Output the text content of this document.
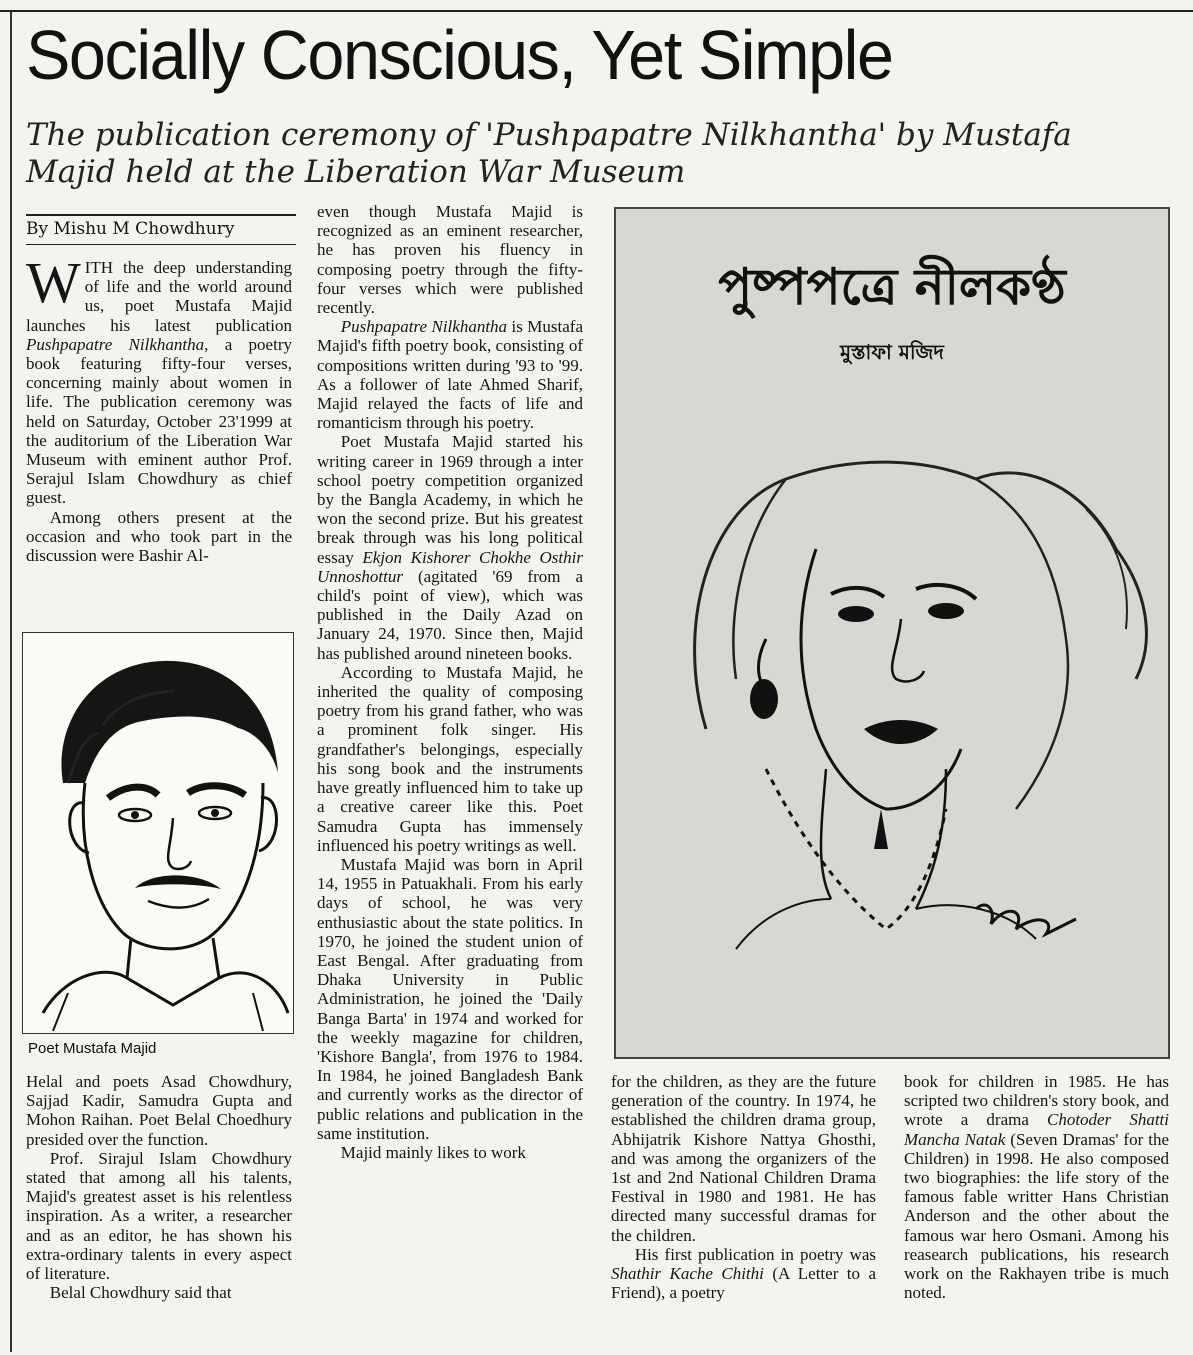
Socially Conscious, Yet Simple

The publication ceremony of 'Pushpapatre Nilkhantha' by Mustafa Majid held at the Liberation War Museum

By Mishu M Chowdhury

WITH the deep understanding of life and the world around us, poet Mustafa Majid launches his latest publication Pushpapatre Nilkhantha, a poetry book featuring fifty-four verses, concerning mainly about women in life. The publication ceremony was held on Saturday, October 23'1999 at the auditorium of the Liberation War Museum with eminent author Prof. Serajul Islam Chowdhury as chief guest.

Among others present at the occasion and who took part in the discussion were Bashir Al-

Poet Mustafa Majid

Helal and poets Asad Chowdhury, Sajjad Kadir, Samudra Gupta and Mohon Raihan. Poet Belal Choedhury presided over the function.

Prof. Sirajul Islam Chowdhury stated that among all his talents, Majid's greatest asset is his relentless inspiration. As a writer, a researcher and as an editor, he has shown his extra-ordinary talents in every aspect of literature.

Belal Chowdhury said that

even though Mustafa Majid is recognized as an eminent researcher, he has proven his fluency in composing poetry through the fifty-four verses which were published recently.

Pushpapatre Nilkhantha is Mustafa Majid's fifth poetry book, consisting of compositions written during '93 to '99. As a follower of late Ahmed Sharif, Majid relayed the facts of life and romanticism through his poetry.

Poet Mustafa Majid started his writing career in 1969 through a inter school poetry competition organized by the Bangla Academy, in which he won the second prize. But his greatest break through was his long political essay Ekjon Kishorer Chokhe Osthir Unnoshottur (agitated '69 from a child's point of view), which was published in the Daily Azad on January 24, 1970. Since then, Majid has published around nineteen books.

According to Mustafa Majid, he inherited the quality of composing poetry from his grand father, who was a prominent folk singer. His grandfather's belongings, especially his song book and the instruments have greatly influenced him to take up a creative career like this. Poet Samudra Gupta has immensely influenced his poetry writings as well.

Mustafa Majid was born in April 14, 1955 in Patuakhali. From his early days of school, he was very enthusiastic about the state politics. In 1970, he joined the student union of East Bengal. After graduating from Dhaka University in Public Administration, he joined the 'Daily Banga Barta' in 1974 and worked for the weekly magazine for children, 'Kishore Bangla', from 1976 to 1984. In 1984, he joined Bangladesh Bank and currently works as the director of public relations and publication in the same institution.

Majid mainly likes to work

পুষ্পপত্রে নীলকণ্ঠ
মুস্তাফা মজিদ

for the children, as they are the future generation of the country. In 1974, he established the children drama group, Abhijatrik Kishore Nattya Ghosthi, and was among the organizers of the 1st and 2nd National Children Drama Festival in 1980 and 1981. He has directed many successful dramas for the children.

His first publication in poetry was Shathir Kache Chithi (A Letter to a Friend), a poetry

book for children in 1985. He has scripted two children's story book, and wrote a drama Chotoder Shatti Mancha Natak (Seven Dramas' for the Children) in 1998. He also composed two biographies: the life story of the famous fable writter Hans Christian Anderson and the other about the famous war hero Osmani. Among his reasearch publications, his research work on the Rakhayen tribe is much noted.
